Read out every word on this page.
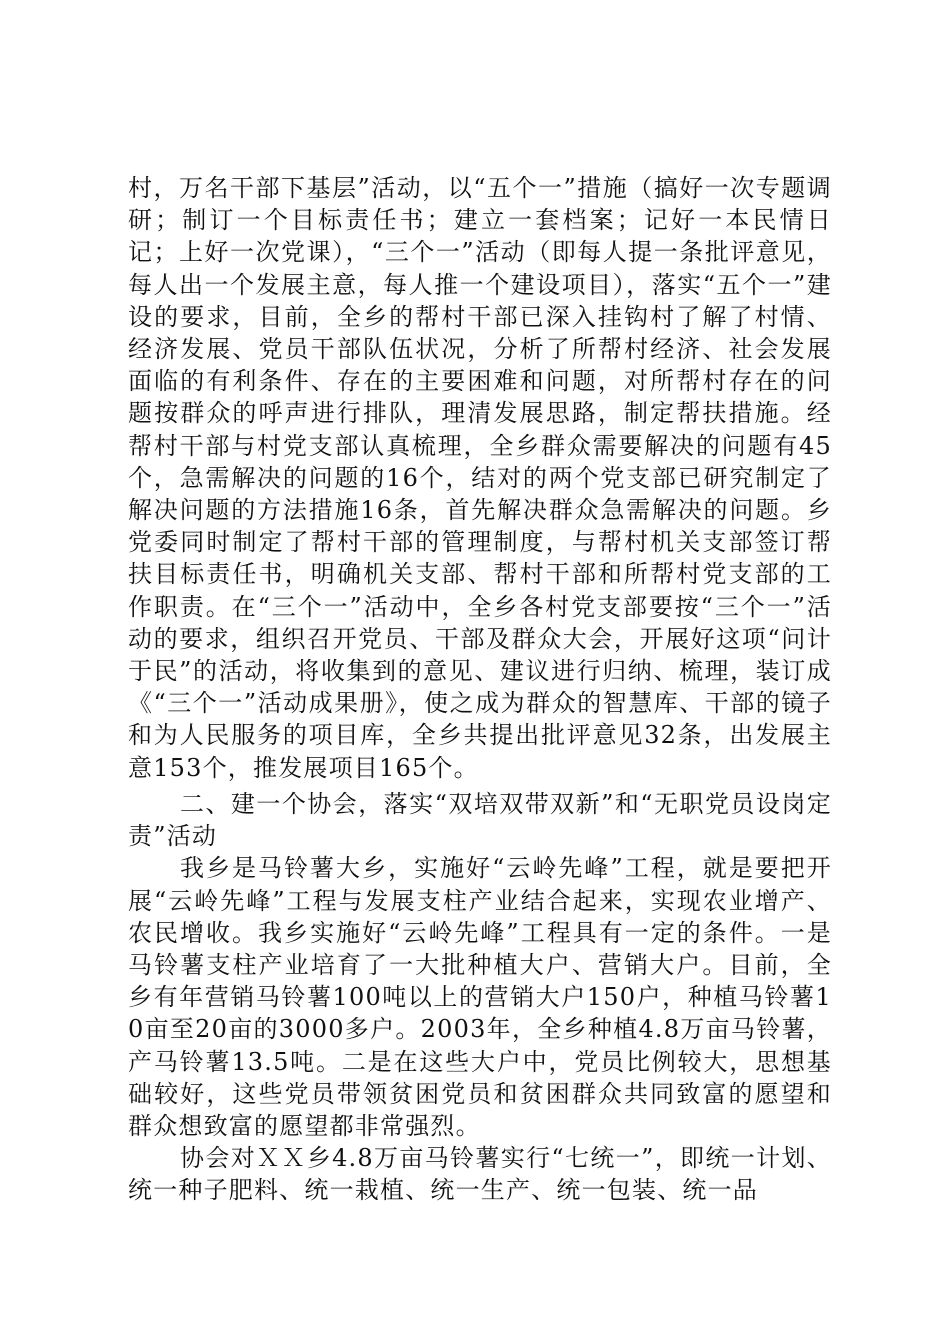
村，万名干部下基层”活动，以“五个一”措施（搞好一次专题调研；制订一个目标责任书；建立一套档案；记好一本民情日记；上好一次党课），“三个一”活动（即每人提一条批评意见，每人出一个发展主意，每人推一个建设项目），落实“五个一”建设的要求，目前，全乡的帮村干部已深入挂钩村了解了村情、经济发展、党员干部队伍状况，分析了所帮村经济、社会发展面临的有利条件、存在的主要困难和问题，对所帮村存在的问题按群众的呼声进行排队，理清发展思路，制定帮扶措施。经帮村干部与村党支部认真梳理，全乡群众需要解决的问题有45个，急需解决的问题的16个，结对的两个党支部已研究制定了解决问题的方法措施16条，首先解决群众急需解决的问题。乡党委同时制定了帮村干部的管理制度，与帮村机关支部签订帮扶目标责任书，明确机关支部、帮村干部和所帮村党支部的工作职责。在“三个一”活动中，全乡各村党支部要按“三个一”活动的要求，组织召开党员、干部及群众大会，开展好这项“问计于民”的活动，将收集到的意见、建议进行归纳、梳理，装订成《“三个一”活动成果册》，使之成为群众的智慧库、干部的镜子和为人民服务的项目库，全乡共提出批评意见32条，出发展主意153个，推发展项目165个。

二、建一个协会，落实“双培双带双新”和“无职党员设岗定责”活动

我乡是马铃薯大乡，实施好“云岭先峰”工程，就是要把开展“云岭先峰”工程与发展支柱产业结合起来，实现农业增产、农民增收。我乡实施好“云岭先峰”工程具有一定的条件。一是马铃薯支柱产业培育了一大批种植大户、营销大户。目前，全乡有年营销马铃薯100吨以上的营销大户150户，种植马铃薯10亩至20亩的3000多户。2003年，全乡种植4.8万亩马铃薯，产马铃薯13.5吨。二是在这些大户中，党员比例较大，思想基础较好，这些党员带领贫困党员和贫困群众共同致富的愿望和群众想致富的愿望都非常强烈。

协会对ＸＸ乡4.8万亩马铃薯实行“七统一”，即统一计划、统一种子肥料、统一栽植、统一生产、统一包装、统一品
